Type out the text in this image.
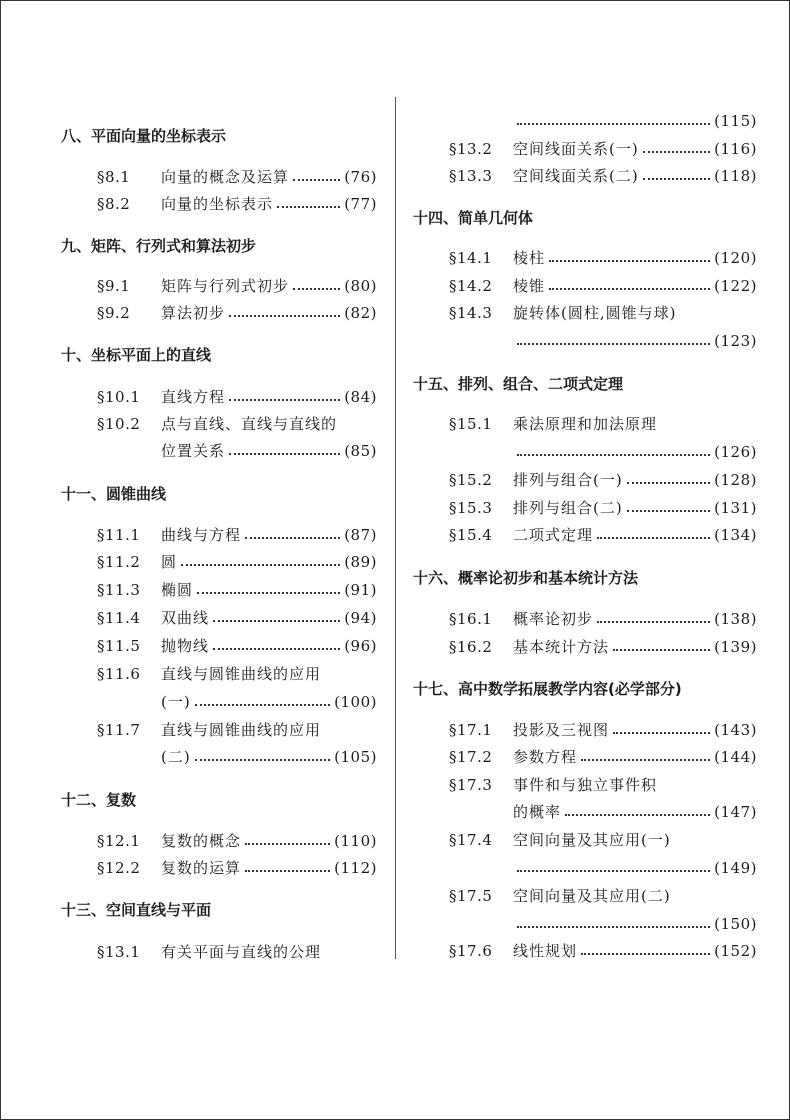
八、平面向量的坐标表示
§8.1	向量的概念及运算	(76)
§8.2	向量的坐标表示	(77)
九、矩阵、行列式和算法初步
§9.1	矩阵与行列式初步	(80)
§9.2	算法初步	(82)
十、坐标平面上的直线
§10.1	直线方程	(84)
§10.2	点与直线、直线与直线的
位置关系	(85)
十一、圆锥曲线
§11.1	曲线与方程	(87)
§11.2	圆	(89)
§11.3	椭圆	(91)
§11.4	双曲线	(94)
§11.5	抛物线	(96)
§11.6	直线与圆锥曲线的应用
(一)	(100)
§11.7	直线与圆锥曲线的应用
(二)	(105)
十二、复数
§12.1	复数的概念	(110)
§12.2	复数的运算	(112)
十三、空间直线与平面
§13.1	有关平面与直线的公理
(115)
§13.2	空间线面关系(一)	(116)
§13.3	空间线面关系(二)	(118)
十四、简单几何体
§14.1	棱柱	(120)
§14.2	棱锥	(122)
§14.3	旋转体(圆柱,圆锥与球)
(123)
十五、排列、组合、二项式定理
§15.1	乘法原理和加法原理
(126)
§15.2	排列与组合(一)	(128)
§15.3	排列与组合(二)	(131)
§15.4	二项式定理	(134)
十六、概率论初步和基本统计方法
§16.1	概率论初步	(138)
§16.2	基本统计方法	(139)
十七、高中数学拓展教学内容(必学部分)
§17.1	投影及三视图	(143)
§17.2	参数方程	(144)
§17.3	事件和与独立事件积
的概率	(147)
§17.4	空间向量及其应用(一)
(149)
§17.5	空间向量及其应用(二)
(150)
§17.6	线性规划	(152)
